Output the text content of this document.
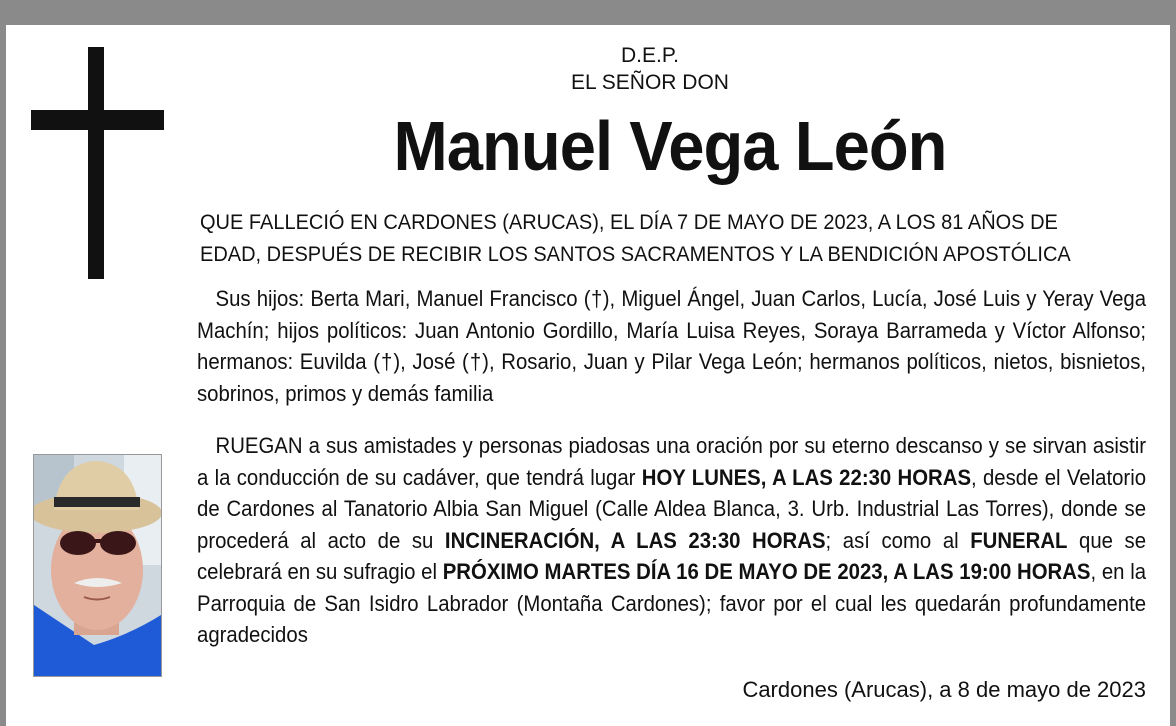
D.E.P.
EL SEÑOR DON
Manuel Vega León
QUE FALLECIÓ EN CARDONES (ARUCAS), EL DÍA 7 DE MAYO DE 2023, A LOS 81 AÑOS DE
EDAD, DESPUÉS DE RECIBIR LOS SANTOS SACRAMENTOS Y LA BENDICIÓN APOSTÓLICA
Sus hijos: Berta Mari, Manuel Francisco (†), Miguel Ángel, Juan Carlos, Lucía, José Luis y Yeray Vega Machín; hijos políticos: Juan Antonio Gordillo, María Luisa Reyes, Soraya Barrameda y Víctor Alfonso; hermanos: Euvilda (†), José (†), Rosario, Juan y Pilar Vega León; hermanos políticos, nietos, bisnietos, sobrinos, primos y demás familia
RUEGAN a sus amistades y personas piadosas una oración por su eterno descanso y se sirvan asistir a la conducción de su cadáver, que tendrá lugar HOY LUNES, A LAS 22:30 HORAS, desde el Velatorio de Cardones al Tanatorio Albia San Miguel (Calle Aldea Blanca, 3. Urb. Industrial Las Torres), donde se procederá al acto de su INCINERACIÓN, A LAS 23:30 HORAS; así como al FUNERAL que se celebrará en su sufragio el PRÓXIMO MARTES DÍA 16 DE MAYO DE 2023, A LAS 19:00 HORAS, en la Parroquia de San Isidro Labrador (Montaña Cardones); favor por el cual les quedarán profundamente agradecidos
Cardones (Arucas), a 8 de mayo de 2023
